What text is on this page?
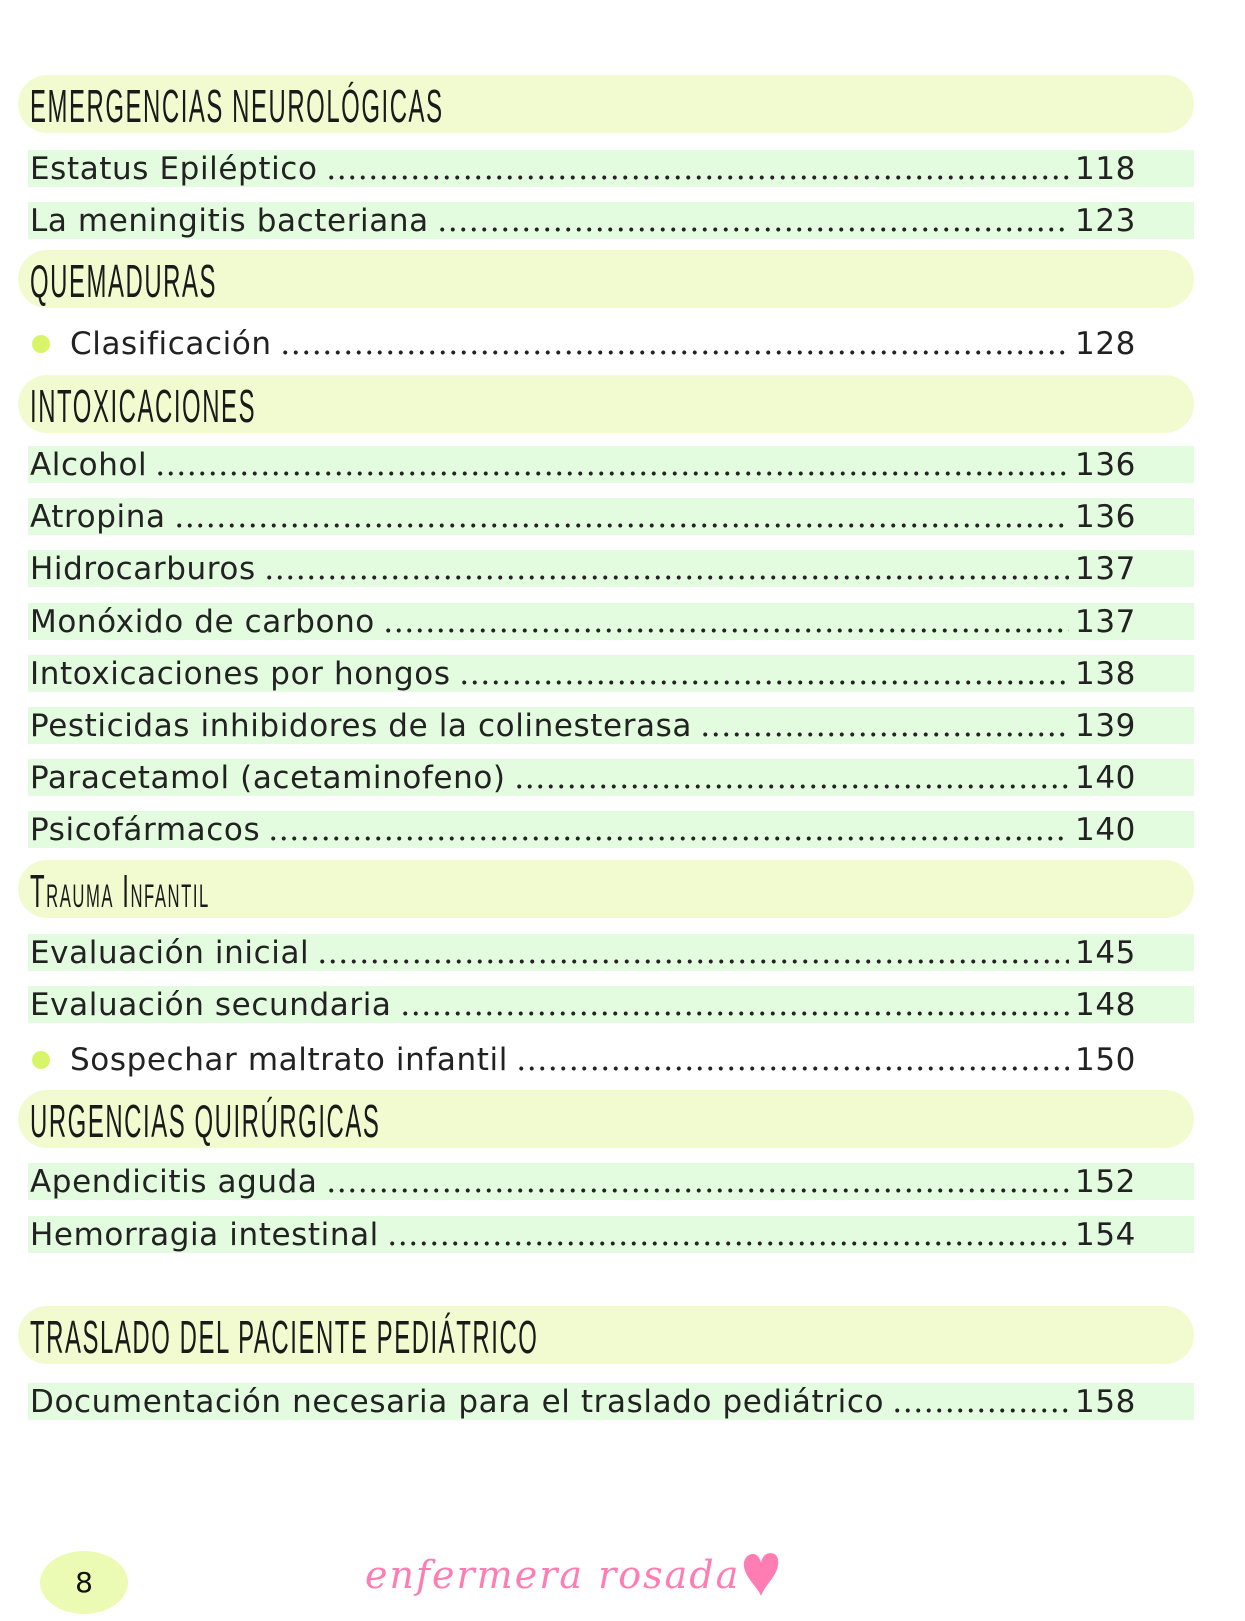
EMERGENCIAS NEUROLÓGICAS
Estatus Epiléptico	118
La meningitis bacteriana	123
QUEMADURAS
Clasificación	128
INTOXICACIONES
Alcohol	136
Atropina	136
Hidrocarburos	137
Monóxido de carbono	137
Intoxicaciones por hongos	138
Pesticidas inhibidores de la colinesterasa	139
Paracetamol (acetaminofeno)	140
Psicofármacos	140
Trauma Infantil
Evaluación inicial	145
Evaluación secundaria	148
Sospechar maltrato infantil	150
URGENCIAS QUIRÚRGICAS
Apendicitis aguda	152
Hemorragia intestinal	154
TRASLADO DEL PACIENTE PEDIÁTRICO
Documentación necesaria para el traslado pediátrico	158
8	enfermera rosada
